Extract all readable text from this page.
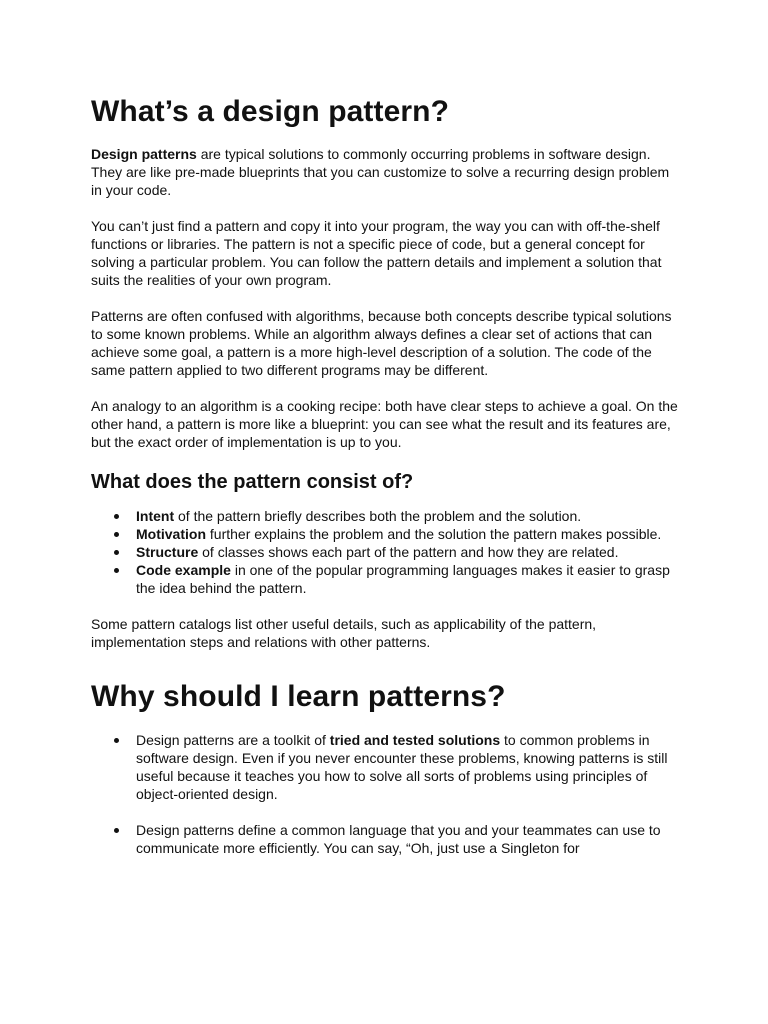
What’s a design pattern?

Design patterns are typical solutions to commonly occurring problems in software design. They are like pre-made blueprints that you can customize to solve a recurring design problem in your code.

You can’t just find a pattern and copy it into your program, the way you can with off-the-shelf functions or libraries. The pattern is not a specific piece of code, but a general concept for solving a particular problem. You can follow the pattern details and implement a solution that suits the realities of your own program.

Patterns are often confused with algorithms, because both concepts describe typical solutions to some known problems. While an algorithm always defines a clear set of actions that can achieve some goal, a pattern is a more high-level description of a solution. The code of the same pattern applied to two different programs may be different.

An analogy to an algorithm is a cooking recipe: both have clear steps to achieve a goal. On the other hand, a pattern is more like a blueprint: you can see what the result and its features are, but the exact order of implementation is up to you.

What does the pattern consist of?
Intent of the pattern briefly describes both the problem and the solution.
Motivation further explains the problem and the solution the pattern makes possible.
Structure of classes shows each part of the pattern and how they are related.
Code example in one of the popular programming languages makes it easier to grasp the idea behind the pattern.

Some pattern catalogs list other useful details, such as applicability of the pattern, implementation steps and relations with other patterns.

Why should I learn patterns?
Design patterns are a toolkit of tried and tested solutions to common problems in software design. Even if you never encounter these problems, knowing patterns is still useful because it teaches you how to solve all sorts of problems using principles of object-oriented design.
Design patterns define a common language that you and your teammates can use to communicate more efficiently. You can say, “Oh, just use a Singleton for
